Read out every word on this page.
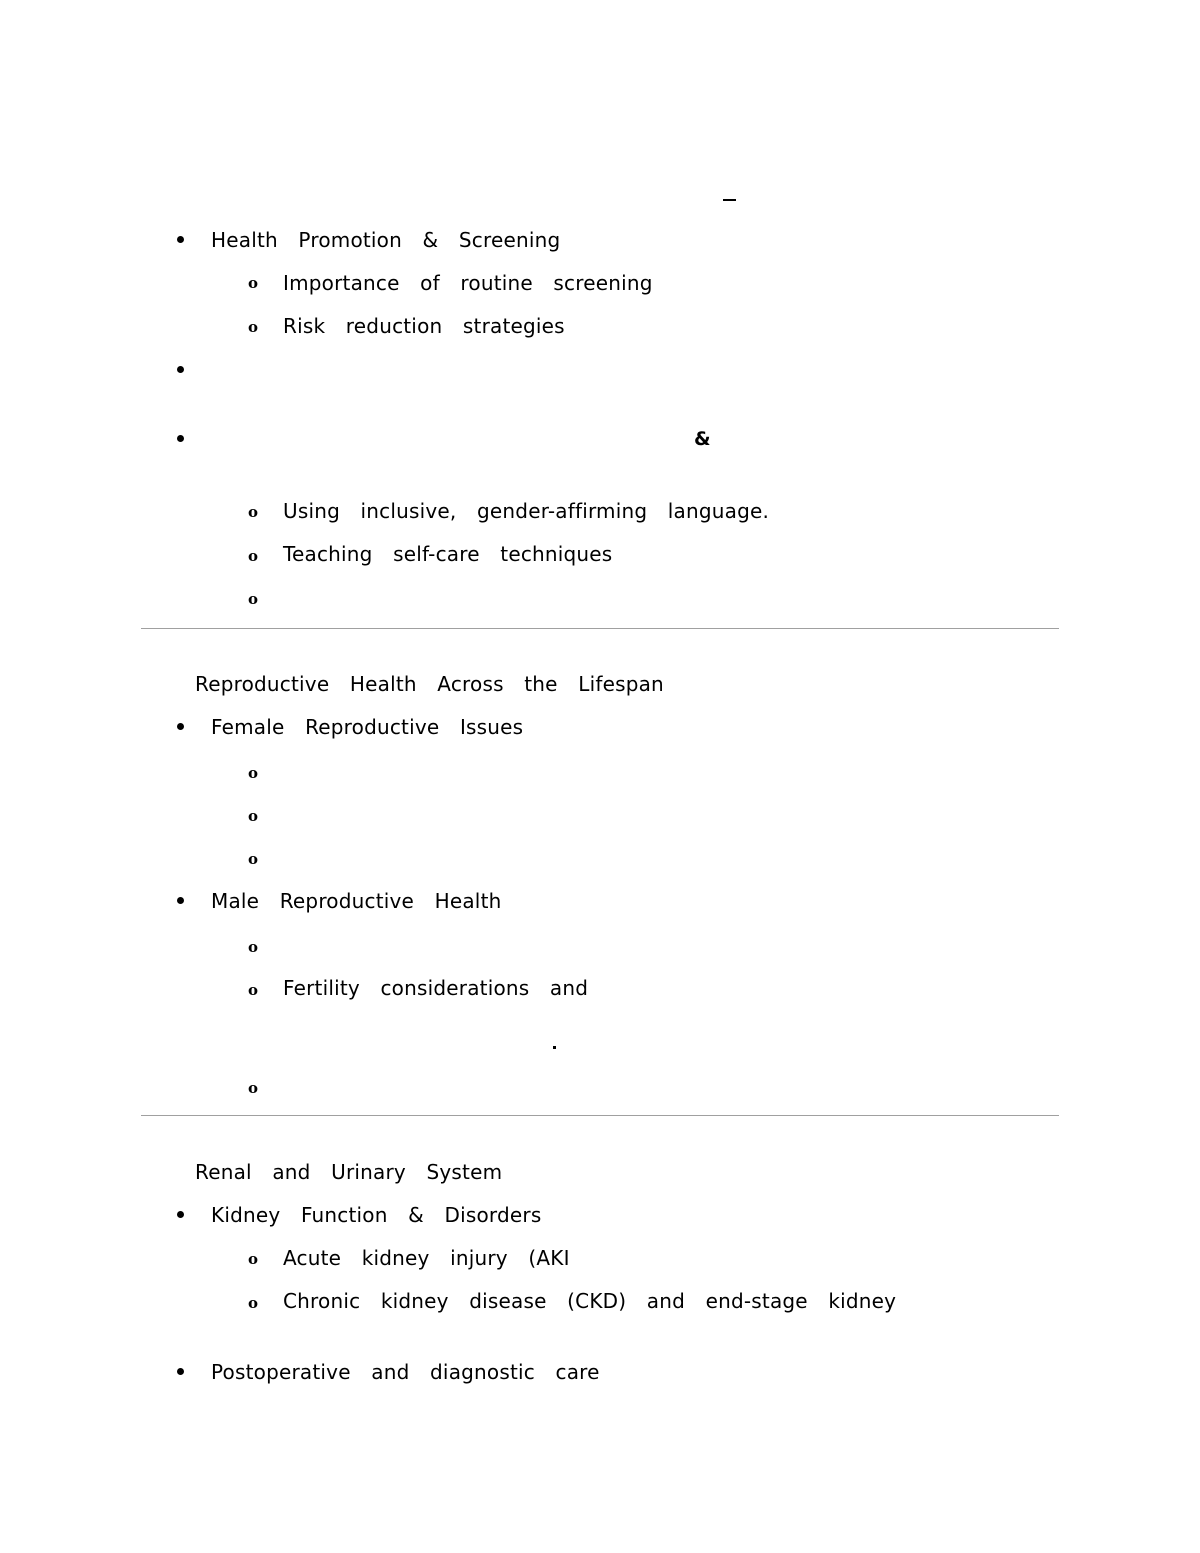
Health Promotion & Screening
o Importance of routine screening
o Risk reduction strategies
&
o Using inclusive, gender-affirming language.
o Teaching self-care techniques
o
Reproductive Health Across the Lifespan
Female Reproductive Issues
o
o
o
Male Reproductive Health
o
o Fertility considerations and
o
Renal and Urinary System
Kidney Function & Disorders
o Acute kidney injury (AKI
o Chronic kidney disease (CKD) and end-stage kidney
Postoperative and diagnostic care
